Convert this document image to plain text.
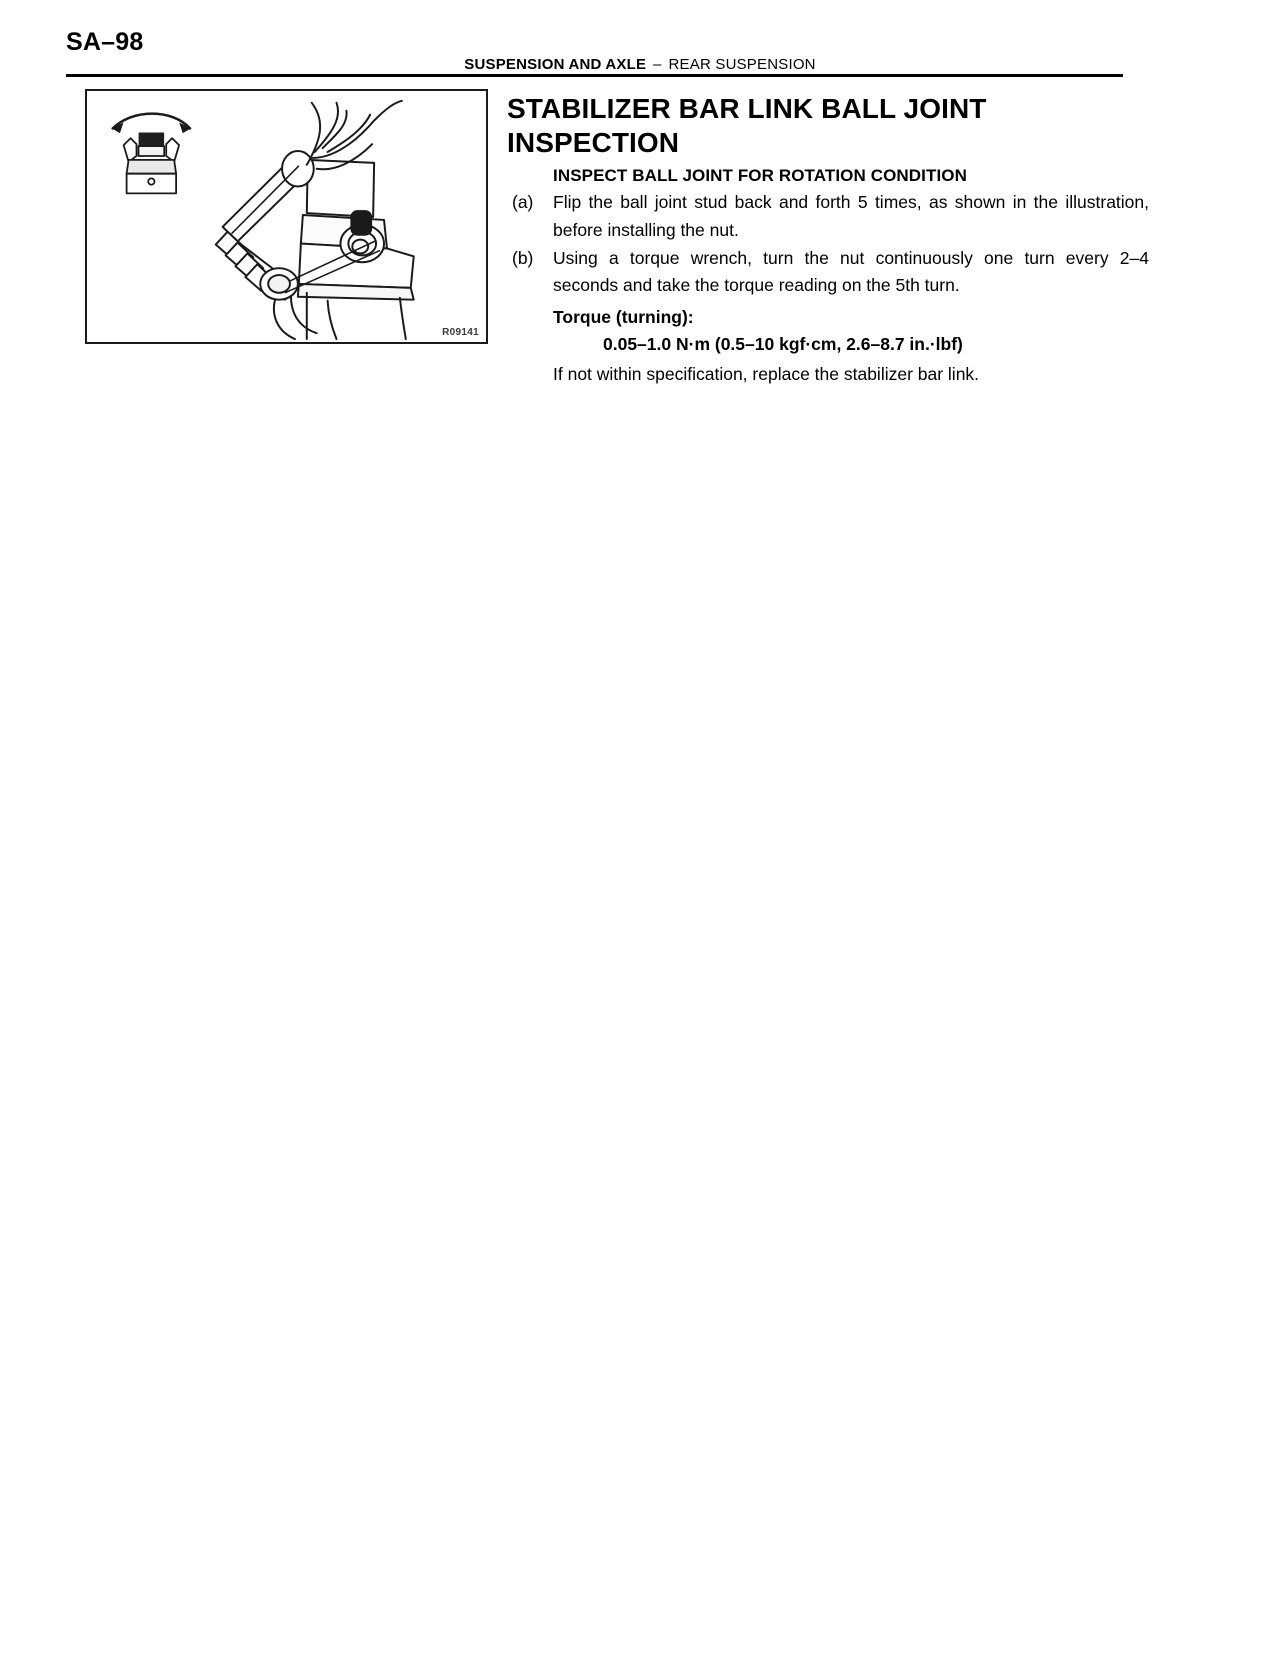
SA–98
SUSPENSION AND AXLE – REAR SUSPENSION
R09141
STABILIZER BAR LINK BALL JOINT INSPECTION
INSPECT BALL JOINT FOR ROTATION CONDITION
(a) Flip the ball joint stud back and forth 5 times, as shown in the illustration, before installing the nut.
(b) Using a torque wrench, turn the nut continuously one turn every 2–4 seconds and take the torque reading on the 5th turn.
Torque (turning):
0.05–1.0 N·m (0.5–10 kgf·cm, 2.6–8.7 in.·lbf)
If not within specification, replace the stabilizer bar link.
